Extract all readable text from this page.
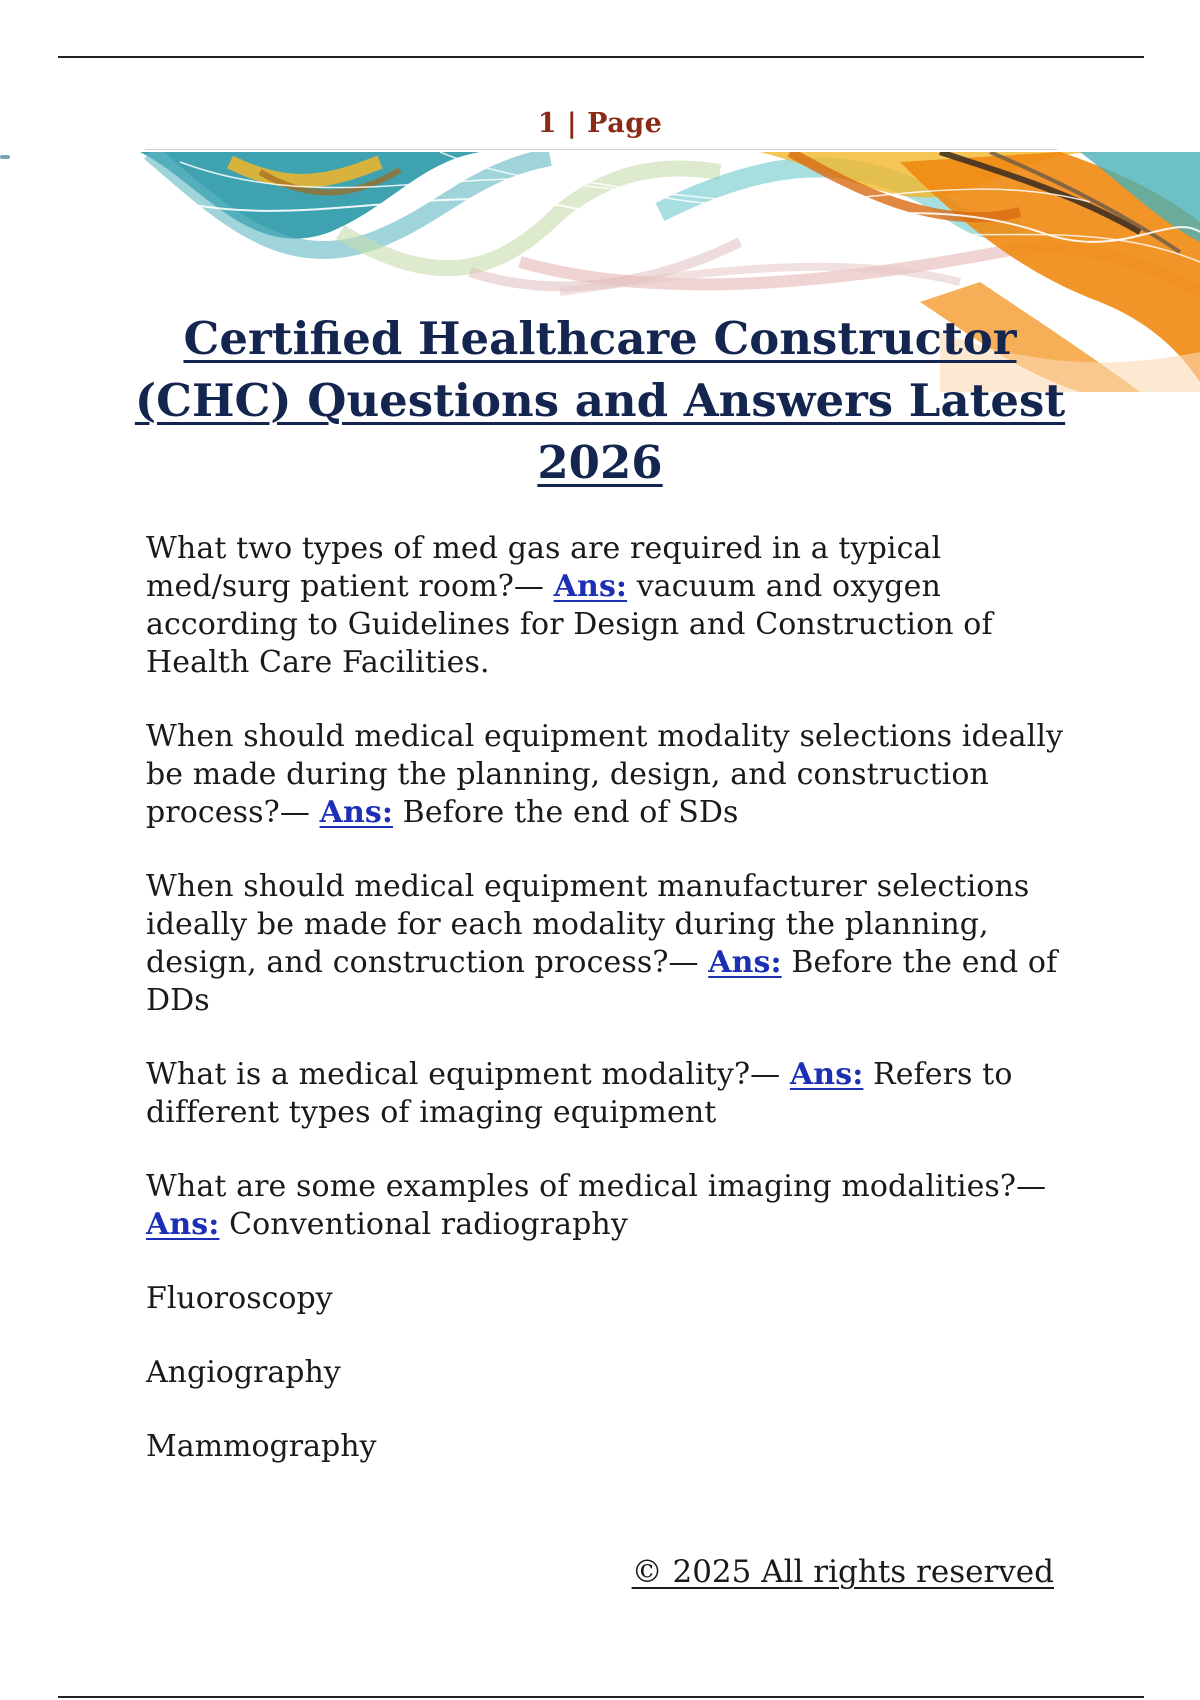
1 | Page
Certified Healthcare Constructor (CHC) Questions and Answers Latest 2026

What two types of med gas are required in a typical med/surg patient room?— Ans: vacuum and oxygen according to Guidelines for Design and Construction of Health Care Facilities.

When should medical equipment modality selections ideally be made during the planning, design, and construction process?— Ans: Before the end of SDs

When should medical equipment manufacturer selections ideally be made for each modality during the planning, design, and construction process?— Ans: Before the end of DDs

What is a medical equipment modality?— Ans: Refers to different types of imaging equipment

What are some examples of medical imaging modalities?— Ans: Conventional radiography

Fluoroscopy

Angiography

Mammography

© 2025 All rights reserved
